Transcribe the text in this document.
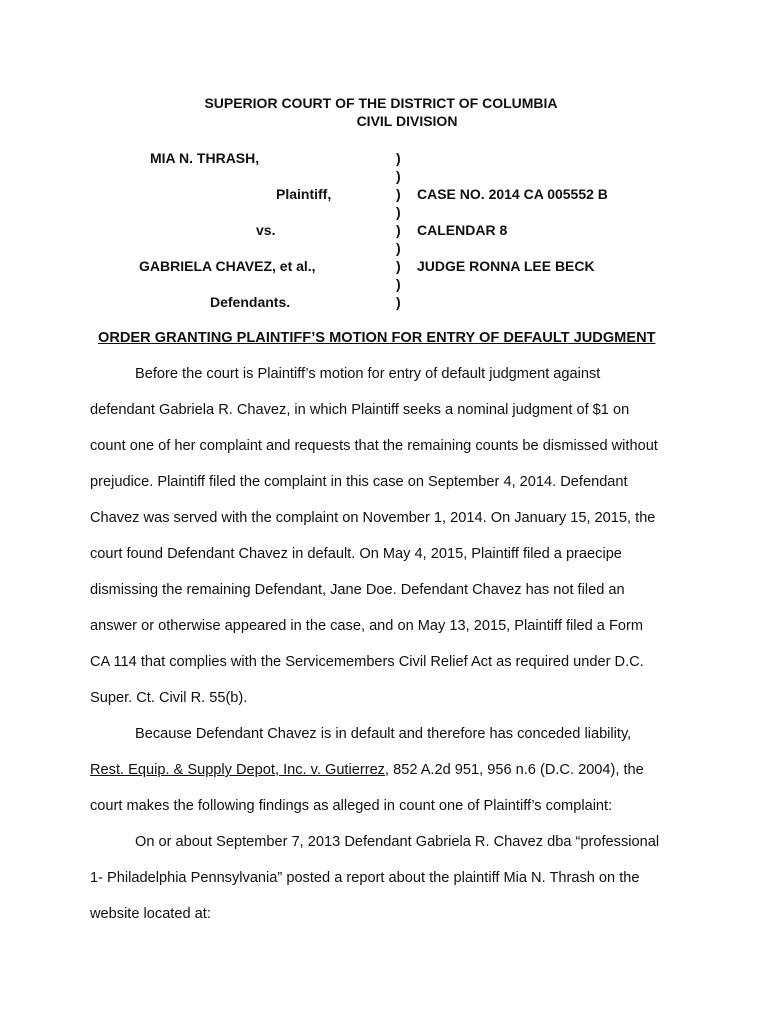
SUPERIOR COURT OF THE DISTRICT OF COLUMBIA
CIVIL DIVISION
MIA N. THRASH,
Plaintiff,
vs.
GABRIELA CHAVEZ, et al.,
Defendants.
)
)
)
)
)
)
)
)
)
CASE NO. 2014 CA 005552 B
CALENDAR 8
JUDGE RONNA LEE BECK
ORDER GRANTING PLAINTIFF’S MOTION FOR ENTRY OF DEFAULT JUDGMENT
Before the court is Plaintiff’s motion for entry of default judgment against
defendant Gabriela R. Chavez, in which Plaintiff seeks a nominal judgment of $1 on
count one of her complaint and requests that the remaining counts be dismissed without
prejudice. Plaintiff filed the complaint in this case on September 4, 2014. Defendant
Chavez was served with the complaint on November 1, 2014. On January 15, 2015, the
court found Defendant Chavez in default. On May 4, 2015, Plaintiff filed a praecipe
dismissing the remaining Defendant, Jane Doe. Defendant Chavez has not filed an
answer or otherwise appeared in the case, and on May 13, 2015, Plaintiff filed a Form
CA 114 that complies with the Servicemembers Civil Relief Act as required under D.C.
Super. Ct. Civil R. 55(b).
Because Defendant Chavez is in default and therefore has conceded liability,
Rest. Equip. & Supply Depot, Inc. v. Gutierrez, 852 A.2d 951, 956 n.6 (D.C. 2004), the
court makes the following findings as alleged in count one of Plaintiff’s complaint:
On or about September 7, 2013 Defendant Gabriela R. Chavez dba “professional
1- Philadelphia Pennsylvania” posted a report about the plaintiff Mia N. Thrash on the
website located at:
